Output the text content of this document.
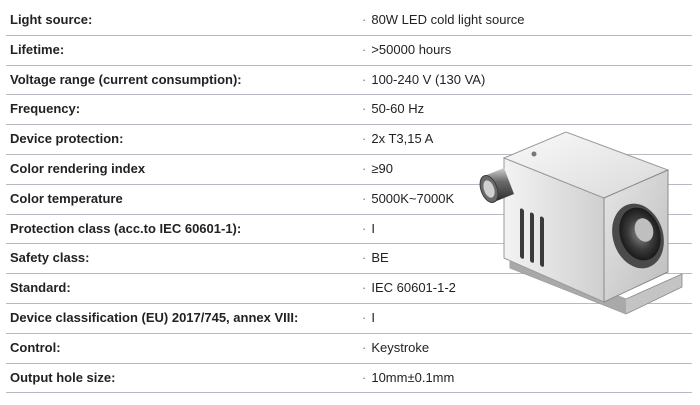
Light source:	· 80W LED cold light source
Lifetime:	· >50000 hours
Voltage range (current consumption):	· 100-240 V (130 VA)
Frequency:	· 50-60 Hz
Device protection:	· 2x T3,15 A
Color rendering index	· ≥90
Color temperature	· 5000K~7000K
Protection class (acc.to IEC 60601-1):	· I
Safety class:	· BE
Standard:	· IEC 60601-1-2
Device classification (EU) 2017/745, annex VIII:	· I
Control:	· Keystroke
Output hole size:	· 10mm±0.1mm
